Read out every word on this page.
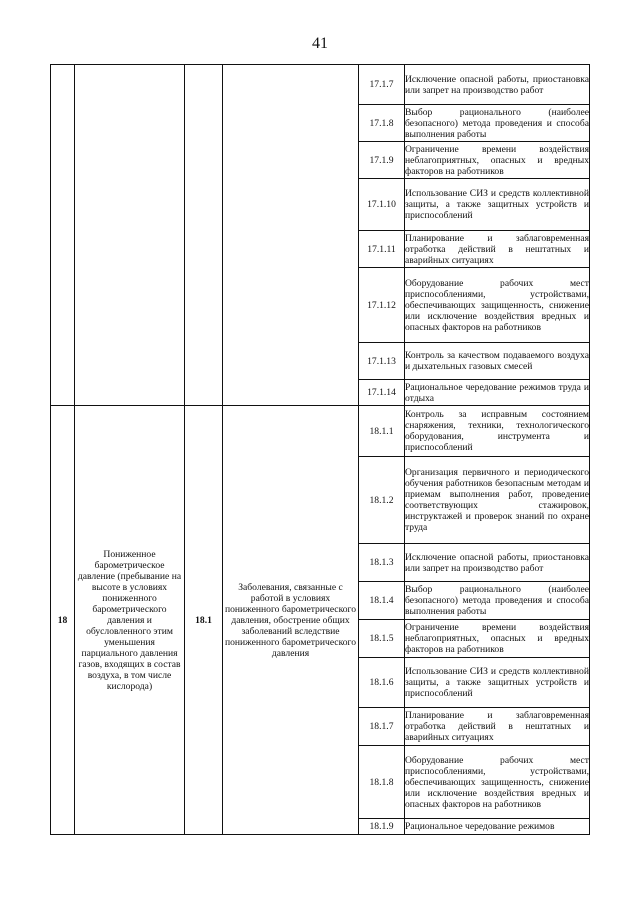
41
				17.1.7	Исключение опасной работы, приостановка или запрет на производство работ
				17.1.8	Выбор рационального (наиболее безопасного) метода проведения и способа выполнения работы
				17.1.9	Ограничение времени воздействия неблагоприятных, опасных и вредных факторов на работников
				17.1.10	Использование СИЗ и средств коллективной защиты, а также защитных устройств и приспособлений
				17.1.11	Планирование и заблаговременная отработка действий в нештатных и аварийных ситуациях
				17.1.12	Оборудование рабочих мест приспособлениями, устройствами, обеспечивающих защищенность, снижение или исключение воздействия вредных и опасных факторов на работников
				17.1.13	Контроль за качеством подаваемого воздуха и дыхательных газовых смесей
				17.1.14	Рациональное чередование режимов труда и отдыха
18	Пониженное барометрическое давление (пребывание на высоте в условиях пониженного барометрического давления и обусловленного этим уменьшения парциального давления газов, входящих в состав воздуха, в том числе кислорода)	18.1	Заболевания, связанные с работой в условиях пониженного барометрического давления, обострение общих заболеваний вследствие пониженного барометрического давления	18.1.1	Контроль за исправным состоянием снаряжения, техники, технологического оборудования, инструмента и приспособлений
				18.1.2	Организация первичного и периодического обучения работников безопасным методам и приемам выполнения работ, проведение соответствующих стажировок, инструктажей и проверок знаний по охране труда
				18.1.3	Исключение опасной работы, приостановка или запрет на производство работ
				18.1.4	Выбор рационального (наиболее безопасного) метода проведения и способа выполнения работы
				18.1.5	Ограничение времени воздействия неблагоприятных, опасных и вредных факторов на работников
				18.1.6	Использование СИЗ и средств коллективной защиты, а также защитных устройств и приспособлений
				18.1.7	Планирование и заблаговременная отработка действий в нештатных и аварийных ситуациях
				18.1.8	Оборудование рабочих мест приспособлениями, устройствами, обеспечивающих защищенность, снижение или исключение воздействия вредных и опасных факторов на работников
				18.1.9	Рациональное чередование режимов
